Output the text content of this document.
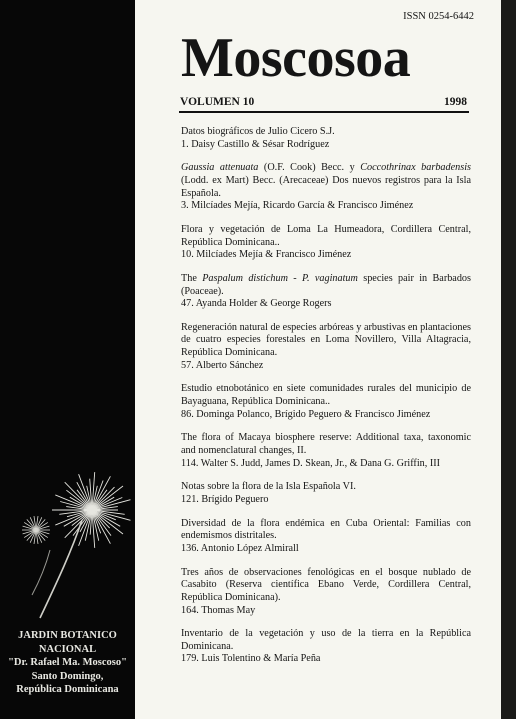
JARDIN BOTANICO
NACIONAL
"Dr. Rafael Ma. Moscoso"
Santo Domingo,
República Dominicana
ISSN 0254-6442
Moscosoa
VOLUMEN 10	1998
Datos biográficos de Julio Cicero S.J.
1. Daisy Castillo & Sésar Rodríguez
Gaussia attenuata (O.F. Cook) Becc. y Coccothrinax barbadensis (Lodd. ex Mart) Becc. (Arecaceae) Dos nuevos registros para la Isla Española.
3. Milcíades Mejía, Ricardo García & Francisco Jiménez
Flora y vegetación de Loma La Humeadora, Cordillera Central, República Dominicana..
10. Milcíades Mejía & Francisco Jiménez
The Paspalum distichum - P. vaginatum species pair in Barbados (Poaceae).
47. Ayanda Holder & George Rogers
Regeneración natural de especies arbóreas y arbustivas en plantaciones de cuatro especies forestales en Loma Novillero, Villa Altagracia, República Dominicana.
57. Alberto Sánchez
Estudio etnobotánico en siete comunidades rurales del municipio de Bayaguana, República Dominicana..
86. Dominga Polanco, Brígido Peguero & Francisco Jiménez
The flora of Macaya biosphere reserve: Additional taxa, taxonomic and nomenclatural changes, II.
114. Walter S. Judd, James D. Skean, Jr., & Dana G. Griffin, III
Notas sobre la flora de la Isla Española VI.
121. Brígido Peguero
Diversidad de la flora endémica en Cuba Oriental: Familias con endemismos distritales.
136. Antonio López Almirall
Tres años de observaciones fenológicas en el bosque nublado de Casabito (Reserva científica Ebano Verde, Cordillera Central, República Dominicana).
164. Thomas May
Inventario de la vegetación y uso de la tierra en la República Dominicana.
179. Luis Tolentino & María Peña
